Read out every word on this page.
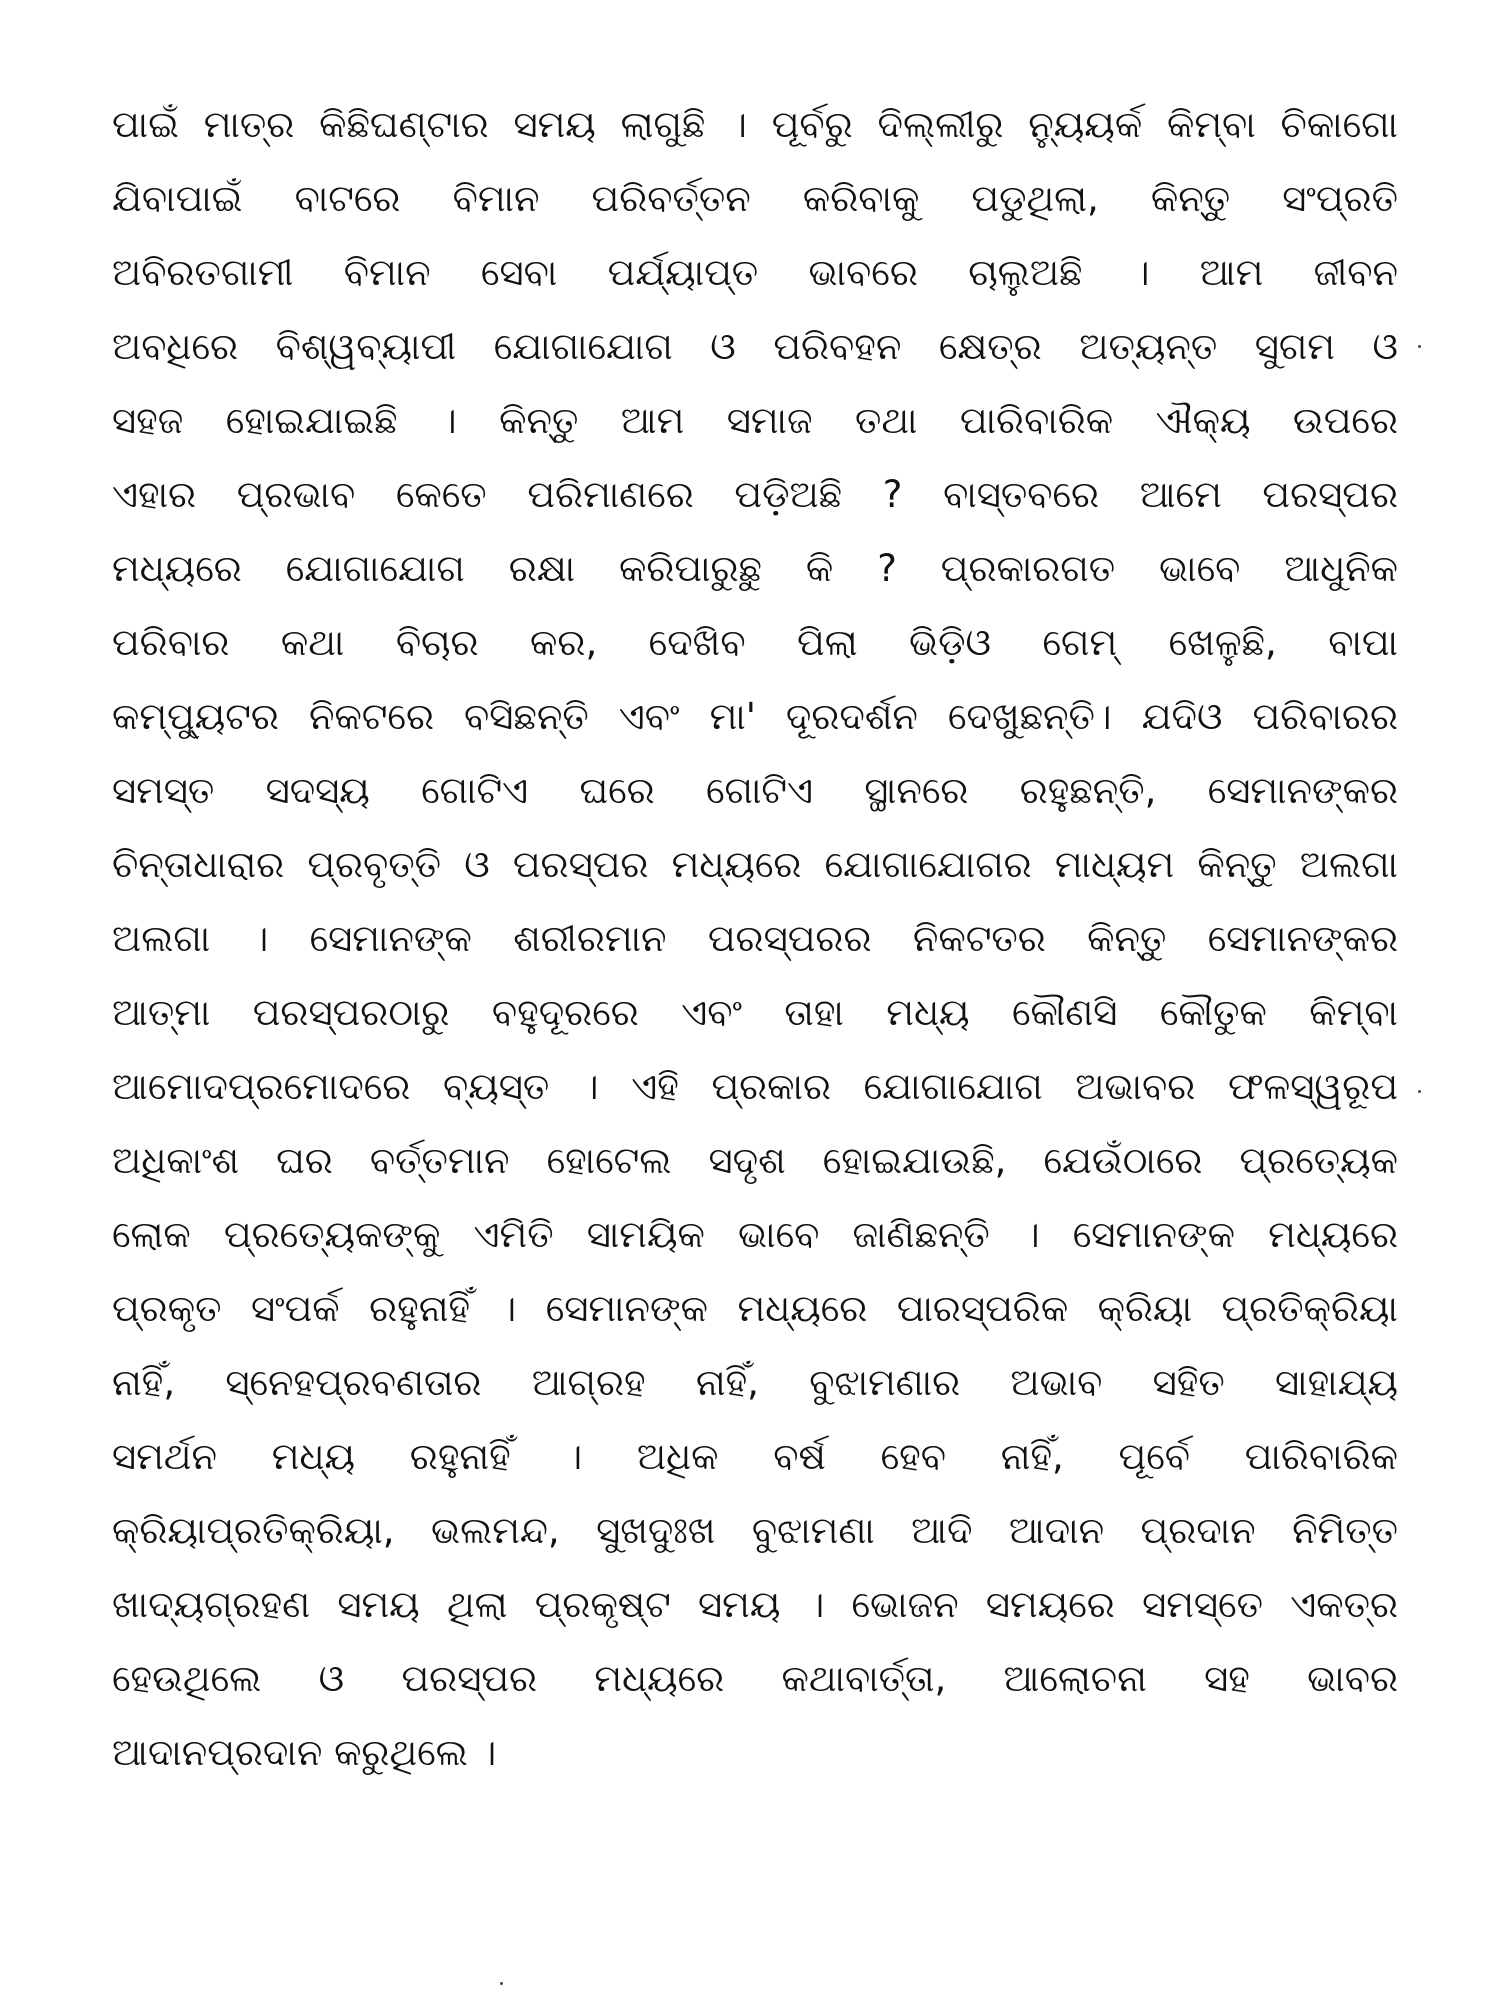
ପାଇଁ ମାତ୍ର କିଛିଘଣ୍ଟାର ସମୟ ଲାଗୁଛି । ପୂର୍ବରୁ ଦିଲ୍ଲୀରୁ ନ୍ୟୁୟର୍କ କିମ୍ବା ଚିକାଗୋ
ଯିବାପାଇଁ ବାଟରେ ବିମାନ ପରିବର୍ତ୍ତନ କରିବାକୁ ପଡୁଥିଲା, କିନ୍ତୁ ସଂପ୍ରତି
ଅବିରତଗାମୀ ବିମାନ ସେବା ପର୍ଯ୍ୟାପ୍ତ ଭାବରେ ଚାଲୁଅଛି । ଆମ ଜୀବନ
ଅବଧିରେ ବିଶ୍ୱବ୍ୟାପୀ ଯୋଗାଯୋଗ ଓ ପରିବହନ କ୍ଷେତ୍ର ଅତ୍ୟନ୍ତ ସୁଗମ ଓ
ସହଜ ହୋଇଯାଇଛି । କିନ୍ତୁ ଆମ ସମାଜ ତଥା ପାରିବାରିକ ଐକ୍ୟ ଉପରେ
ଏହାର ପ୍ରଭାବ କେତେ ପରିମାଣରେ ପଡ଼ିଅଛି ? ବାସ୍ତବରେ ଆମେ ପରସ୍ପର
ମଧ୍ୟରେ ଯୋଗାଯୋଗ ରକ୍ଷା କରିପାରୁଛୁ କି ? ପ୍ରକାରଗତ ଭାବେ ଆଧୁନିକ
ପରିବାର କଥା ବିଚାର କର, ଦେଖିବ ପିଲା ଭିଡ଼ିଓ ଗେମ୍ ଖେଳୁଛି, ବାପା
କମ୍ପ୍ୟୁଟର ନିକଟରେ ବସିଛନ୍ତି ଏବଂ ମା' ଦୂରଦର୍ଶନ ଦେଖୁଛନ୍ତି। ଯଦିଓ ପରିବାରର
ସମସ୍ତ ସଦସ୍ୟ ଗୋଟିଏ ଘରେ ଗୋଟିଏ ସ୍ଥାନରେ ରହୁଛନ୍ତି, ସେମାନଙ୍କର
ଚିନ୍ତାଧାରାର ପ୍ରବୃତ୍ତି ଓ ପରସ୍ପର ମଧ୍ୟରେ ଯୋଗାଯୋଗର ମାଧ୍ୟମ କିନ୍ତୁ ଅଲଗା
ଅଲଗା । ସେମାନଙ୍କ ଶରୀରମାନ ପରସ୍ପରର ନିକଟତର କିନ୍ତୁ ସେମାନଙ୍କର
ଆତ୍ମା ପରସ୍ପରଠାରୁ ବହୁଦୂରରେ ଏବଂ ତାହା ମଧ୍ୟ କୌଣସି କୌତୁକ କିମ୍ବା
ଆମୋଦପ୍ରମୋଦରେ ବ୍ୟସ୍ତ । ଏହି ପ୍ରକାର ଯୋଗାଯୋଗ ଅଭାବର ଫଳସ୍ୱରୂପ
ଅଧିକାଂଶ ଘର ବର୍ତ୍ତମାନ ହୋଟେଲ ସଦୃଶ ହୋଇଯାଉଛି, ଯେଉଁଠାରେ ପ୍ରତ୍ୟେକ
ଲୋକ ପ୍ରତ୍ୟେକଙ୍କୁ ଏମିତି ସାମୟିକ ଭାବେ ଜାଣିଛନ୍ତି । ସେମାନଙ୍କ ମଧ୍ୟରେ
ପ୍ରକୃତ ସଂପର୍କ ରହୁନାହିଁ । ସେମାନଙ୍କ ମଧ୍ୟରେ ପାରସ୍ପରିକ କ୍ରିୟା ପ୍ରତିକ୍ରିୟା
ନାହିଁ, ସ୍ନେହପ୍ରବଣତାର ଆଗ୍ରହ ନାହିଁ, ବୁଝାମଣାର ଅଭାବ ସହିତ ସାହାଯ୍ୟ
ସମର୍ଥନ ମଧ୍ୟ ରହୁନାହିଁ । ଅଧିକ ବର୍ଷ ହେବ ନାହିଁ, ପୂର୍ବେ ପାରିବାରିକ
କ୍ରିୟାପ୍ରତିକ୍ରିୟା, ଭଲମନ୍ଦ, ସୁଖଦୁଃଖ ବୁଝାମଣା ଆଦି ଆଦାନ ପ୍ରଦାନ ନିମିତ୍ତ
ଖାଦ୍ୟଗ୍ରହଣ ସମୟ ଥିଲା ପ୍ରକୃଷ୍ଟ ସମୟ । ଭୋଜନ ସମୟରେ ସମସ୍ତେ ଏକତ୍ର
ହେଉଥିଲେ ଓ ପରସ୍ପର ମଧ୍ୟରେ କଥାବାର୍ତ୍ତା, ଆଲୋଚନା ସହ ଭାବର
ଆଦାନପ୍ରଦାନ କରୁଥିଲେ ।
